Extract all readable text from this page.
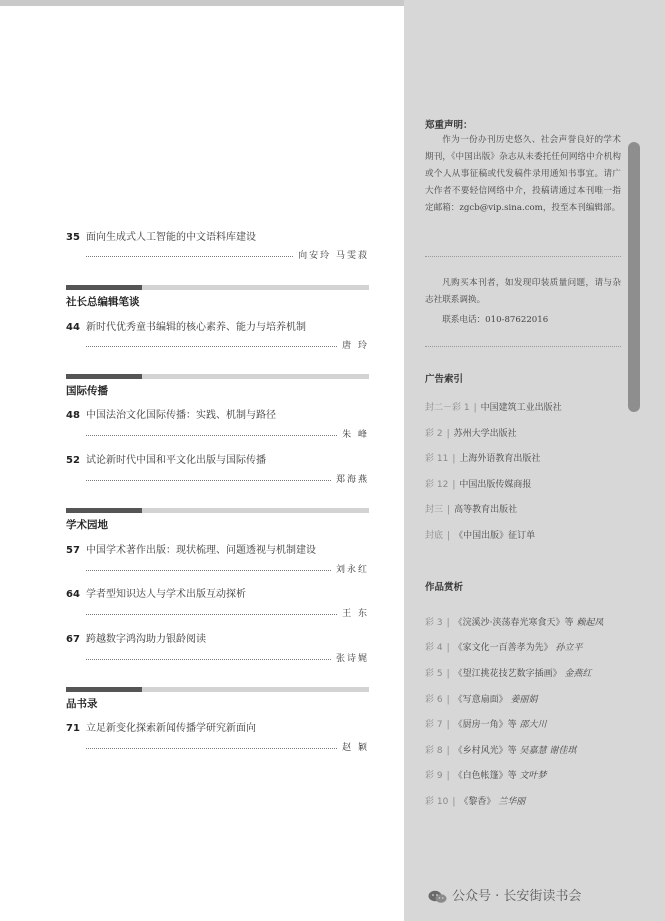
35 面向生成式人工智能的中文语料库建设
向安玲 马雯菽
社长总编辑笔谈
44 新时代优秀童书编辑的核心素养、能力与培养机制
唐 玲
国际传播
48 中国法治文化国际传播：实践、机制与路径
朱 峰
52 试论新时代中国和平文化出版与国际传播
郑海燕
学术园地
57 中国学术著作出版：现状梳理、问题透视与机制建设
刘永红
64 学者型知识达人与学术出版互动探析
王 东
67 跨越数字鸿沟助力银龄阅读
张诗娓
品书录
71 立足新变化探索新闻传播学研究新面向
赵 颖
郑重声明：
作为一份办刊历史悠久、社会声誉良好的学术期刊，《中国出版》杂志从未委托任何网络中介机构或个人从事征稿或代发稿件录用通知书事宜。请广大作者不要轻信网络中介，投稿请通过本刊唯一指定邮箱：zgcb@vip.sina.com，投至本刊编辑部。
凡购买本刊者，如发现印装质量问题，请与杂志社联系调换。
联系电话：010-87622016
广告索引
封二－彩 1 | 中国建筑工业出版社
彩 2 | 苏州大学出版社
彩 11 | 上海外语教育出版社
彩 12 | 中国出版传媒商报
封三 | 高等教育出版社
封底 | 《中国出版》征订单
作品赏析
彩 3 | 《浣溪沙·浃荡春光寒食天》等 赖起凤
彩 4 | 《家文化一百善孝为先》 孙立平
彩 5 | 《望江挑花技艺数字插画》 金燕红
彩 6 | 《写意扇面》 姜丽娟
彩 7 | 《厨房一角》等 邵大川
彩 8 | 《乡村风光》等 吴嘉慧 谢佳琪
彩 9 | 《白色帐篷》等 文叶梦
彩 10 | 《黎香》 兰华丽
公众号 · 长安街读书会
